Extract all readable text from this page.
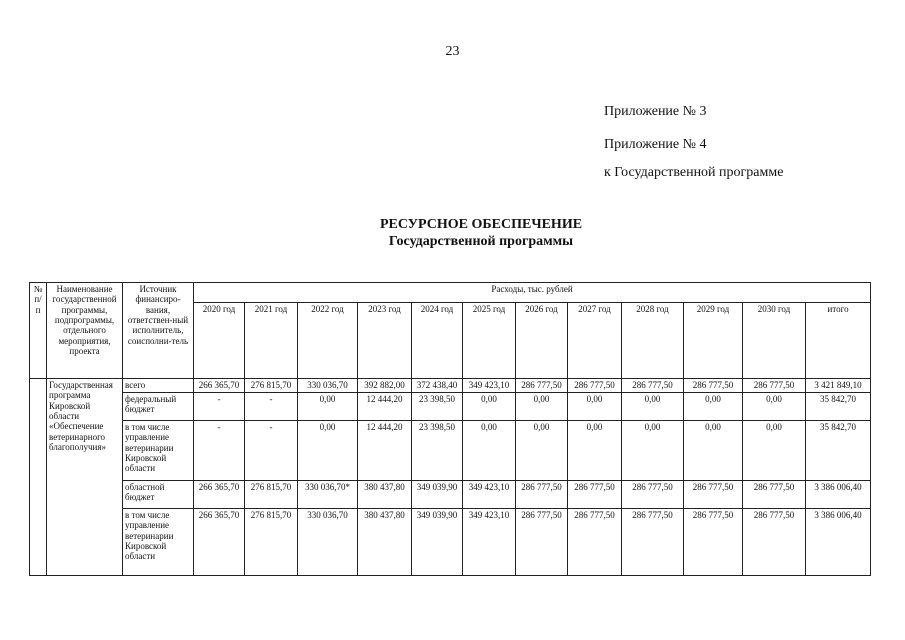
23
Приложение № 3
Приложение № 4
к Государственной программе
РЕСУРСНОЕ ОБЕСПЕЧЕНИЕ
Государственной программы
№ п/п	Наименование государственной программы, подпрограммы, отдельного мероприятия, проекта	Источник финансиро-вания, ответствен-ный исполнитель, соисполни-тель	Расходы, тыс. рублей											
			2020 год	2021 год	2022 год	2023 год	2024 год	2025 год	2026 год	2027 год	2028 год	2029 год	2030 год	итого
	Государственная программа Кировской области «Обеспечение ветеринарного благополучия»	всего	266 365,70	276 815,70	330 036,70	392 882,00	372 438,40	349 423,10	286 777,50	286 777,50	286 777,50	286 777,50	286 777,50	3 421 849,10
		федеральный бюджет	-	-	0,00	12 444,20	23 398,50	0,00	0,00	0,00	0,00	0,00	0,00	35 842,70
		в том числе управление ветеринарии Кировской области	-	-	0,00	12 444,20	23 398,50	0,00	0,00	0,00	0,00	0,00	0,00	35 842,70
		областной бюджет	266 365,70	276 815,70	330 036,70*	380 437,80	349 039,90	349 423,10	286 777,50	286 777,50	286 777,50	286 777,50	286 777,50	3 386 006,40
		в том числе управление ветеринарии Кировской области	266 365,70	276 815,70	330 036,70	380 437,80	349 039,90	349 423,10	286 777,50	286 777,50	286 777,50	286 777,50	286 777,50	3 386 006,40
